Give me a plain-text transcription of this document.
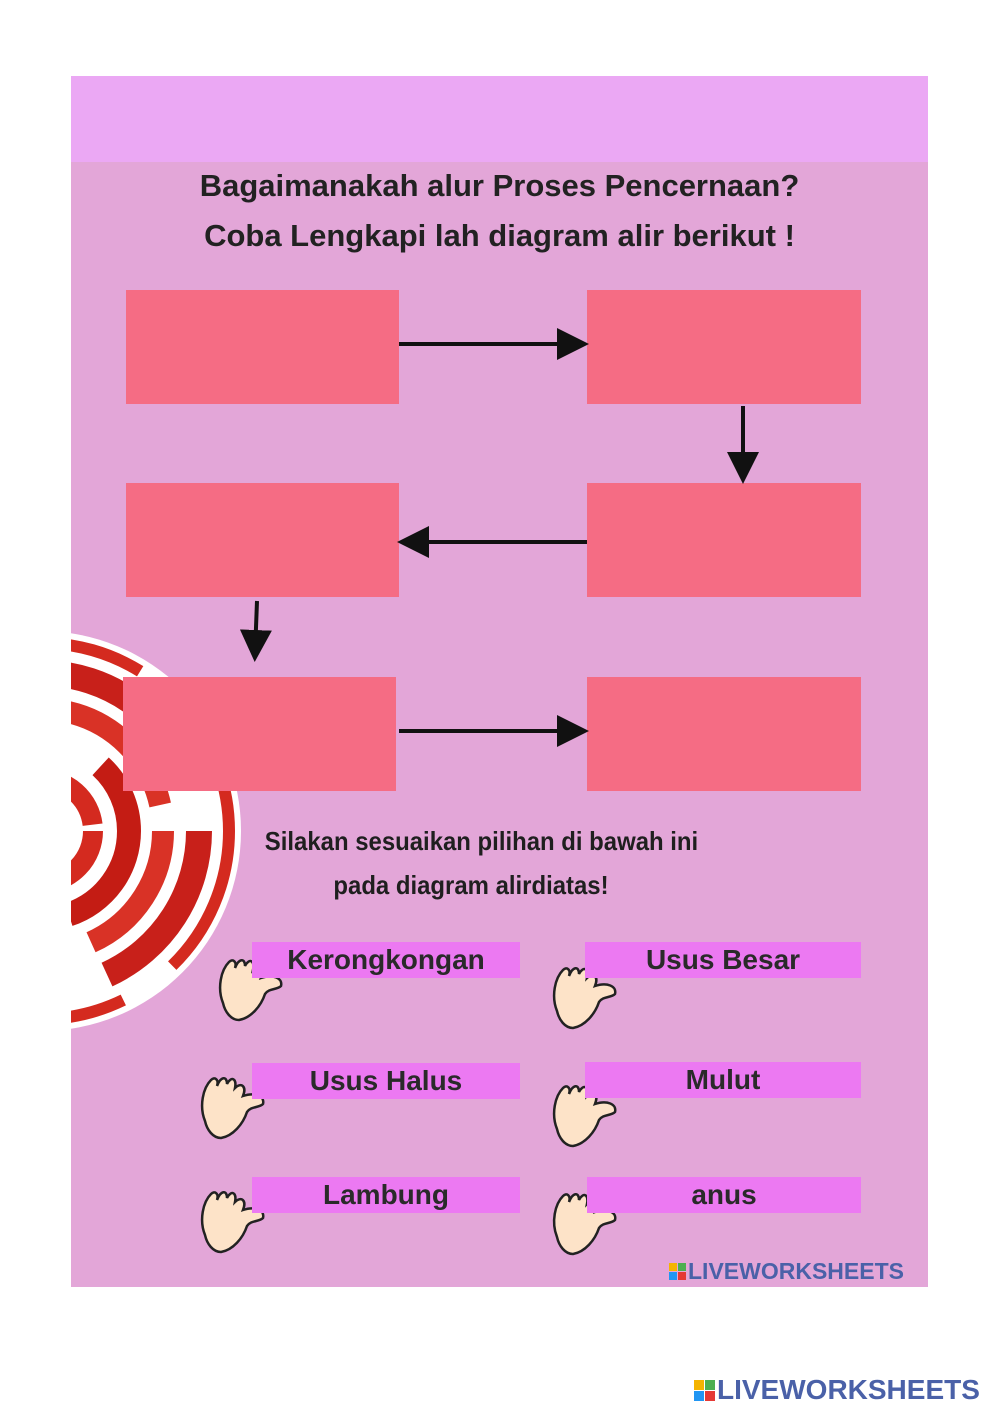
Bagaimanakah alur Proses Pencernaan?
Coba Lengkapi lah diagram alir berikut !
Silakan sesuaikan pilihan di bawah ini
pada diagram alirdiatas!
Kerongkongan	Usus Besar
Usus Halus	Mulut
Lambung	anus
LIVEWORKSHEETS
LIVEWORKSHEETS
